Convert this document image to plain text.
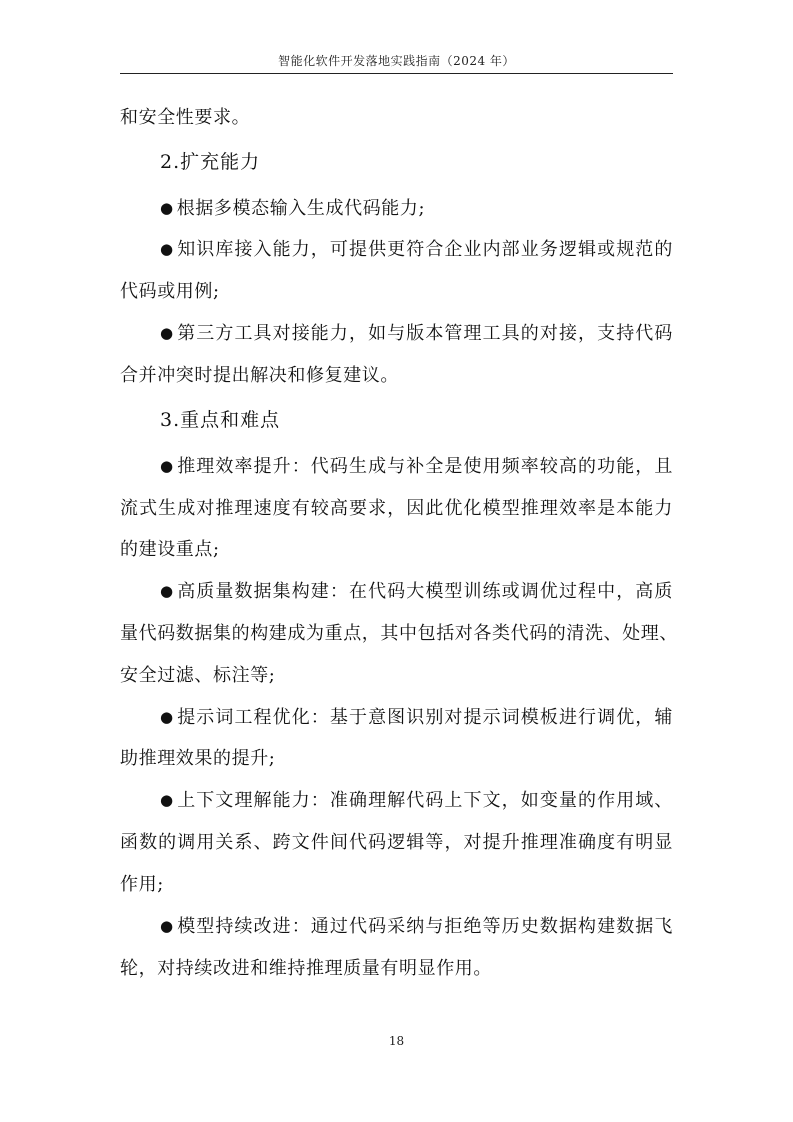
智能化软件开发落地实践指南（2024 年）
和安全性要求。
2.扩充能力
● 根据多模态输入生成代码能力;
● 知识库接入能力，可提供更符合企业内部业务逻辑或规范的
代码或用例;
● 第三方工具对接能力，如与版本管理工具的对接，支持代码
合并冲突时提出解决和修复建议。
3.重点和难点
● 推理效率提升：代码生成与补全是使用频率较高的功能，且
流式生成对推理速度有较高要求，因此优化模型推理效率是本能力
的建设重点;
● 高质量数据集构建：在代码大模型训练或调优过程中，高质
量代码数据集的构建成为重点，其中包括对各类代码的清洗、处理、
安全过滤、标注等;
● 提示词工程优化：基于意图识别对提示词模板进行调优，辅
助推理效果的提升;
● 上下文理解能力：准确理解代码上下文，如变量的作用域、
函数的调用关系、跨文件间代码逻辑等，对提升推理准确度有明显
作用;
● 模型持续改进：通过代码采纳与拒绝等历史数据构建数据飞
轮，对持续改进和维持推理质量有明显作用。
18
